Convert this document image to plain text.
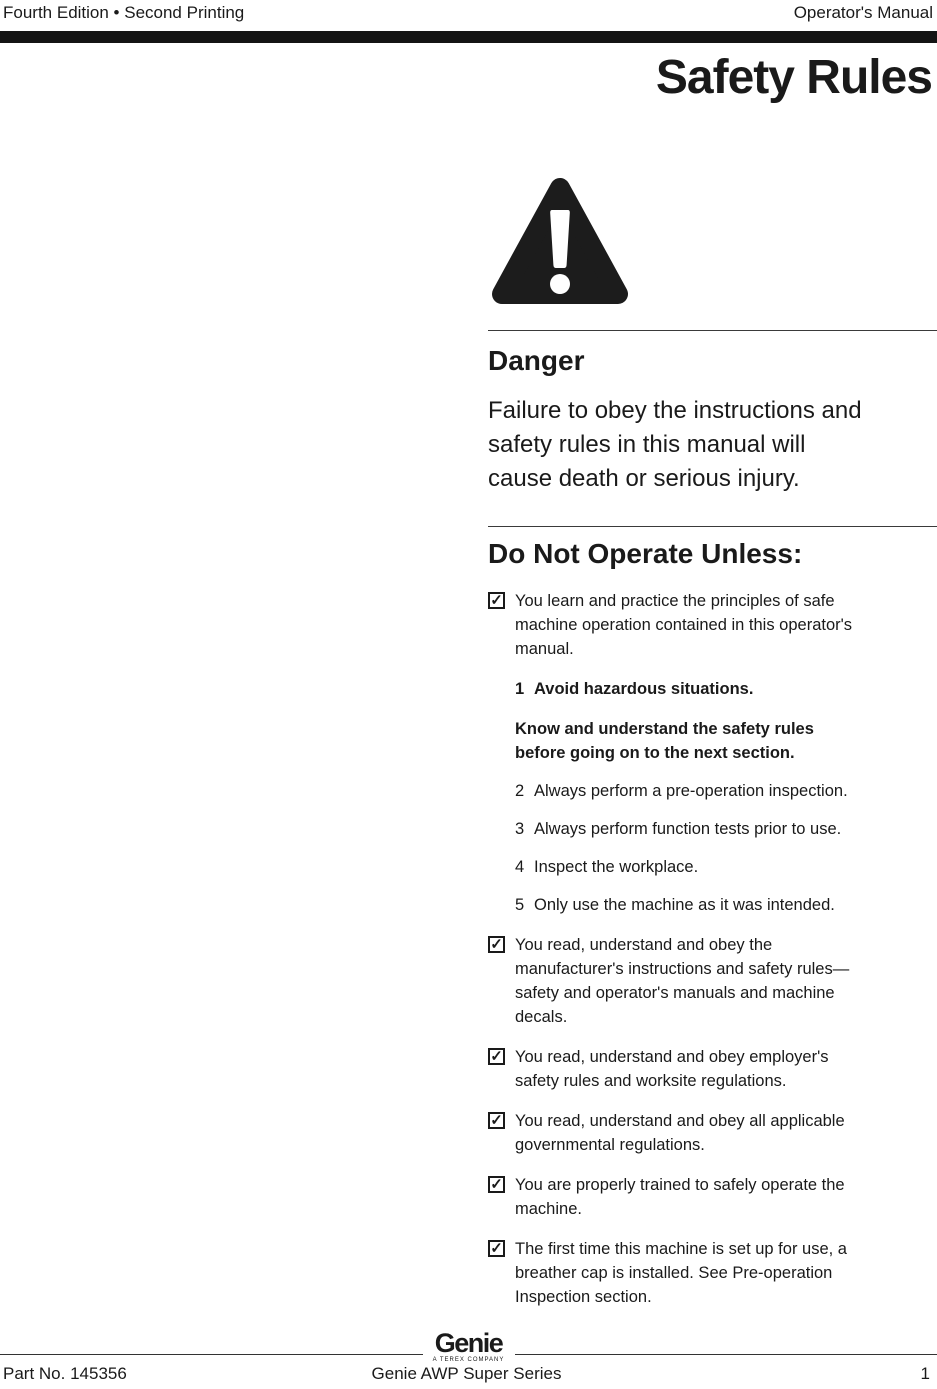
Fourth Edition • Second Printing	Operator's Manual
Safety Rules
Danger
Failure to obey the instructions and
safety rules in this manual will
cause death or serious injury.
Do Not Operate Unless:
✓ You learn and practice the principles of safe
machine operation contained in this operator's
manual.
1 Avoid hazardous situations.
Know and understand the safety rules
before going on to the next section.
2 Always perform a pre-operation inspection.
3 Always perform function tests prior to use.
4 Inspect the workplace.
5 Only use the machine as it was intended.
✓ You read, understand and obey the
manufacturer's instructions and safety rules—
safety and operator's manuals and machine
decals.
✓ You read, understand and obey employer's
safety rules and worksite regulations.
✓ You read, understand and obey all applicable
governmental regulations.
✓ You are properly trained to safely operate the
machine.
✓ The first time this machine is set up for use, a
breather cap is installed. See Pre-operation
Inspection section.
Genie
A TEREX COMPANY
Part No. 145356	Genie AWP Super Series	1
